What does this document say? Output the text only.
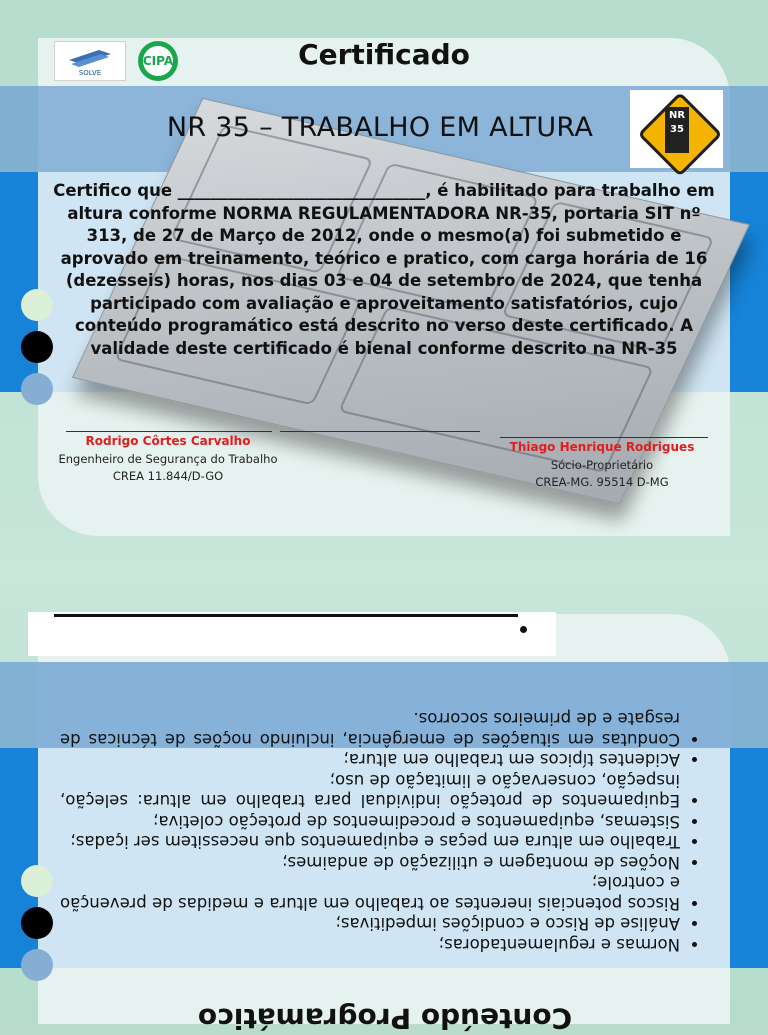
SOLVE
CIPA	Certificado
NR 35 – TRABALHO EM ALTURA	NR 35
Certifico que ______________________________, é habilitado para trabalho em altura conforme NORMA REGULAMENTADORA NR-35, portaria SIT nº 313, de 27 de Março de 2012, onde o mesmo(a) foi submetido e aprovado em treinamento, teórico e pratico, com carga horária de 16 (dezesseis) horas, nos dias 03 e 04 de setembro de 2024, que tenha participado com avaliação e aproveitamento satisfatórios, cujo conteúdo programático está descrito no verso deste certificado. A validade deste certificado é bienal conforme descrito na NR-35
Rodrigo Côrtes Carvalho
Engenheiro de Segurança do Trabalho
CREA 11.844/D-GO
Thiago Henrique Rodrigues
Sócio-Proprietário
CREA-MG. 95514 D-MG
• Normas e regulamentadoras;
• Análise de Risco e condições impeditivas;
• Riscos potenciais inerentes ao trabalho em altura e medidas de prevenção e controle;
• Noções de montagem e utilização de andaimes;
• Trabalho em altura em peças e equipamentos que necessitem ser içadas;
• Sistemas, equipamentos e procedimentos de proteção coletiva;
• Equipamentos de proteção individual para trabalho em altura: seleção, inspeção, conservação e limitação de uso;
• Acidentes típicos em trabalho em altura;
• Condutas em situações de emergência, incluindo noções de técnicas de resgate e de primeiros socorros.
Conteúdo Programático
